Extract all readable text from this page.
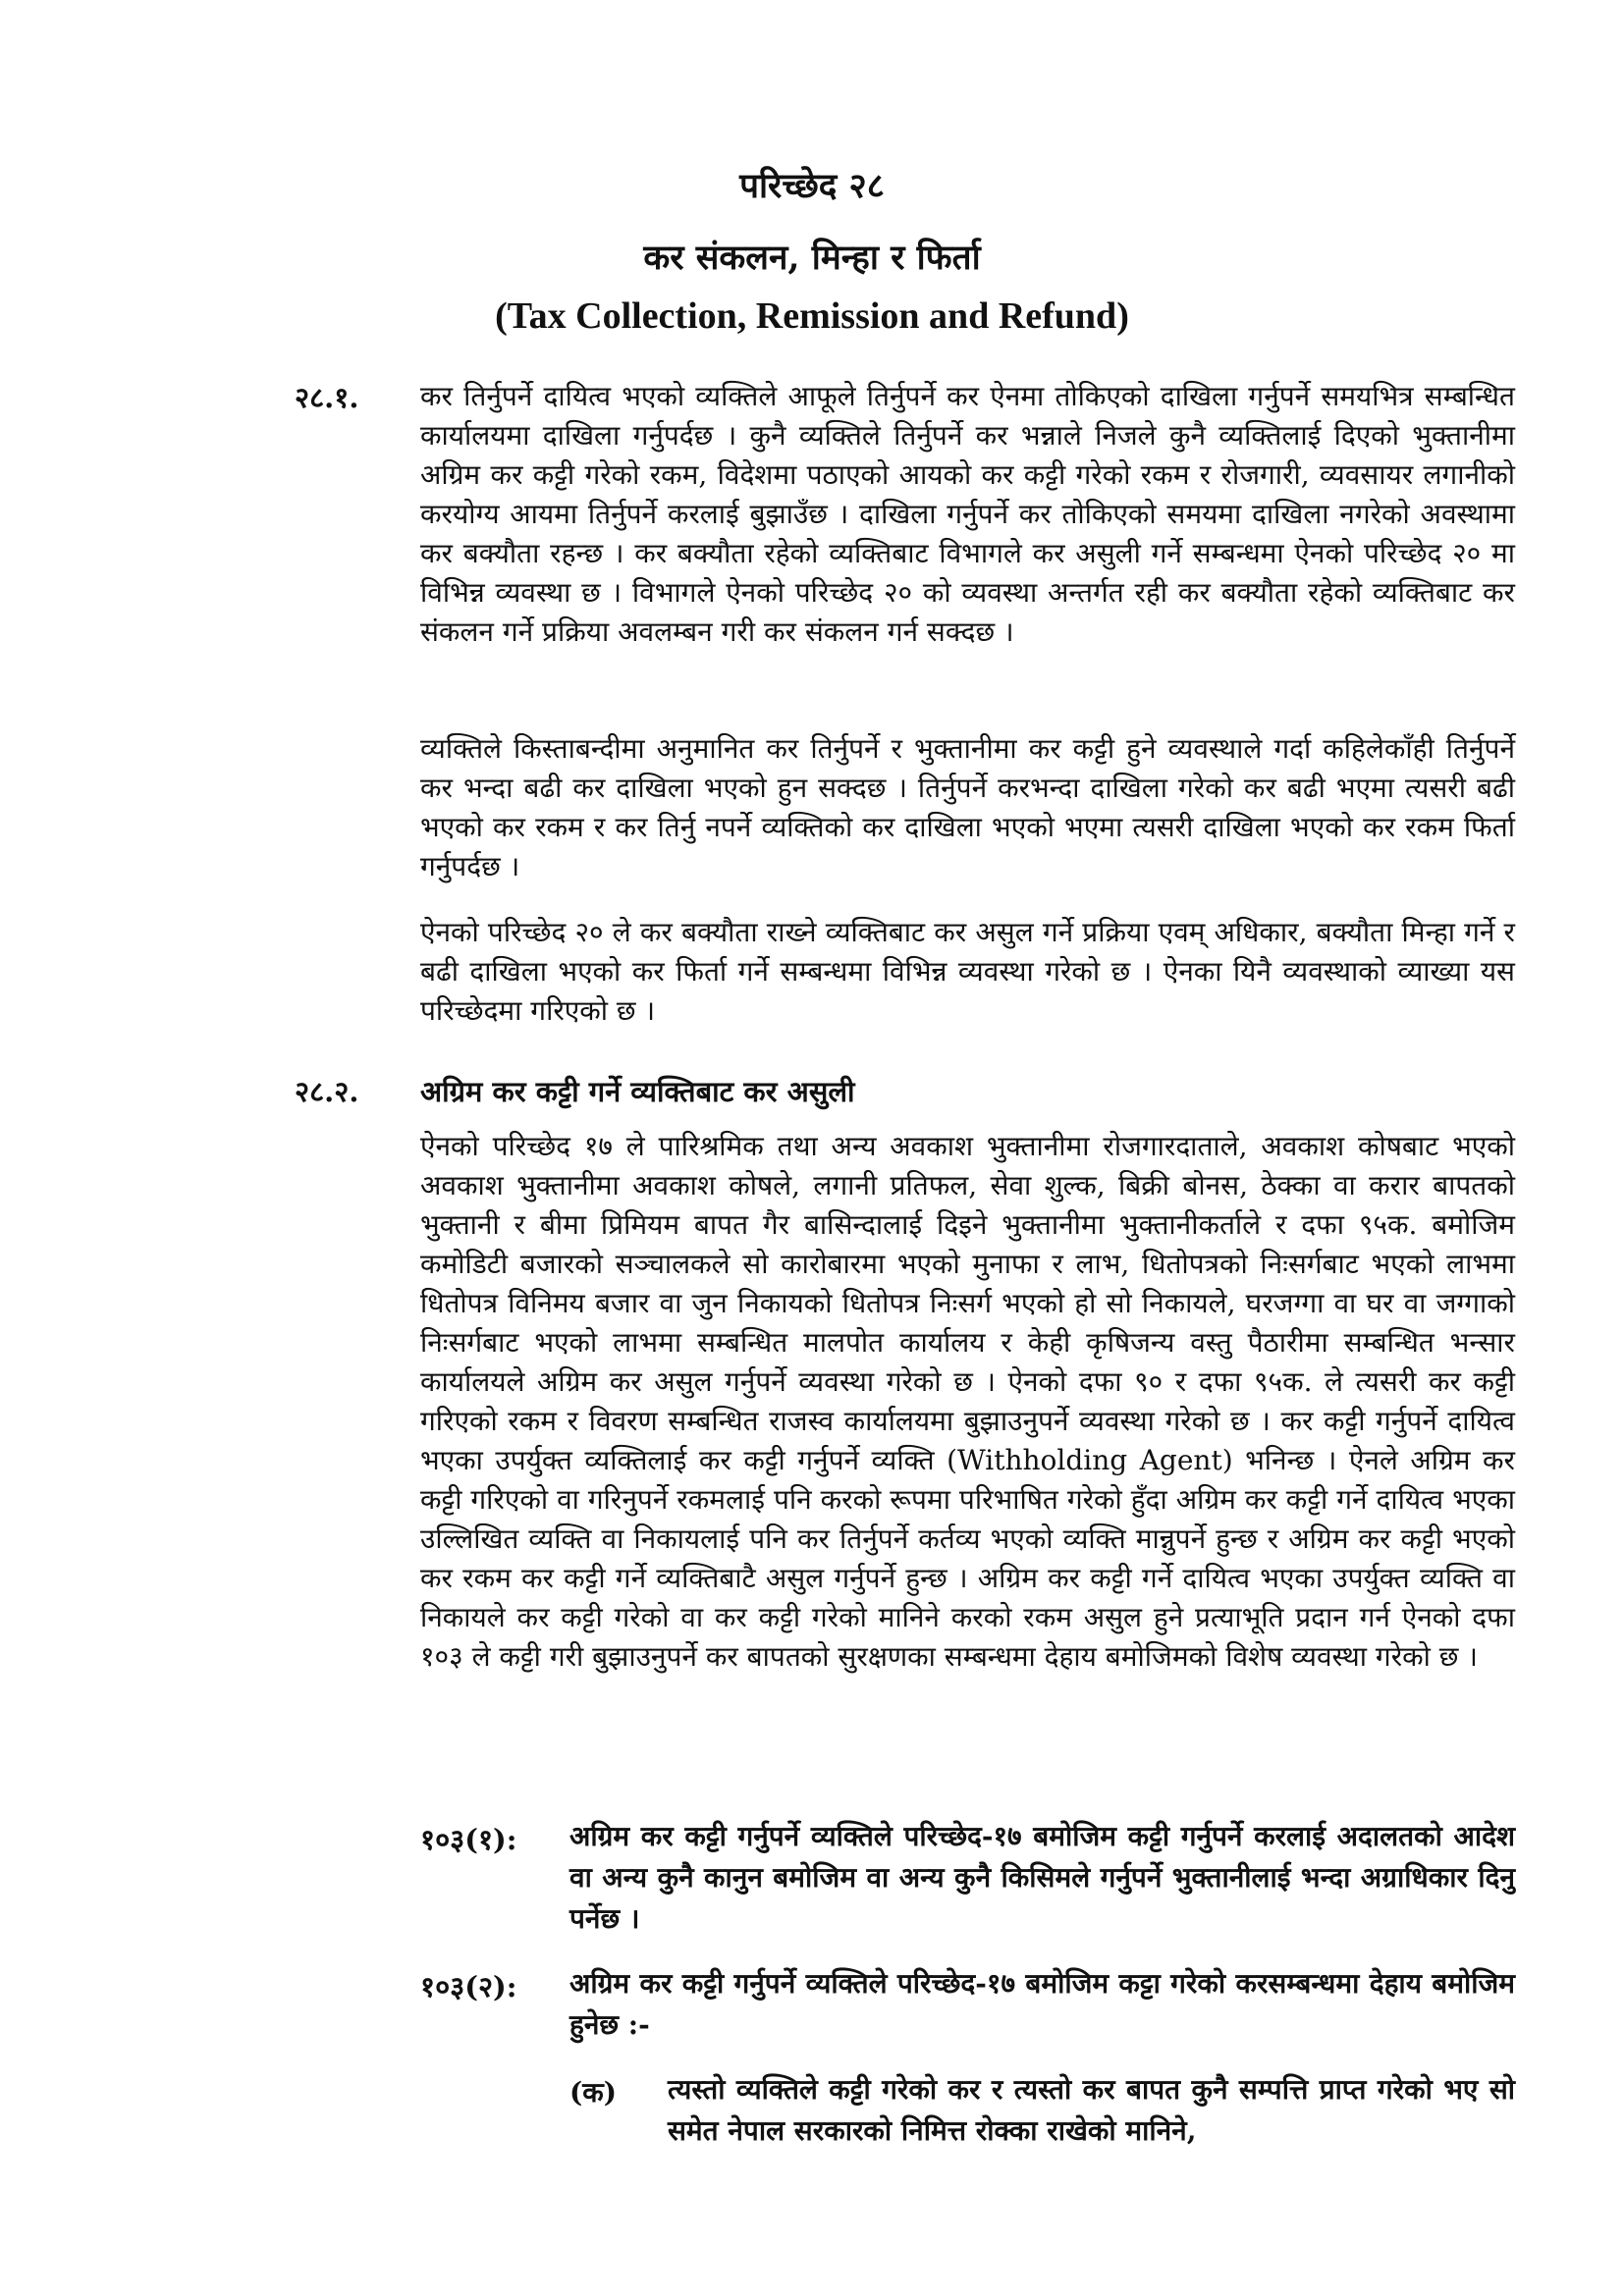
परिच्छेद २८
कर संकलन, मिन्हा र फिर्ता
(Tax Collection, Remission and Refund)
२८.१. कर तिर्नुपर्ने दायित्व भएको व्यक्तिले आफूले तिर्नुपर्ने कर ऐनमा तोकिएको दाखिला गर्नुपर्ने समयभित्र सम्बन्धित कार्यालयमा दाखिला गर्नुपर्दछ । कुनै व्यक्तिले तिर्नुपर्ने कर भन्नाले निजले कुनै व्यक्तिलाई दिएको भुक्तानीमा अग्रिम कर कट्टी गरेको रकम, विदेशमा पठाएको आयको कर कट्टी गरेको रकम र रोजगारी, व्यवसायर लगानीको करयोग्य आयमा तिर्नुपर्ने करलाई बुझाउँछ । दाखिला गर्नुपर्ने कर तोकिएको समयमा दाखिला नगरेको अवस्थामा कर बक्यौता रहन्छ । कर बक्यौता रहेको व्यक्तिबाट विभागले कर असुली गर्ने सम्बन्धमा ऐनको परिच्छेद २० मा विभिन्न व्यवस्था छ । विभागले ऐनको परिच्छेद २० को व्यवस्था अन्तर्गत रही कर बक्यौता रहेको व्यक्तिबाट कर संकलन गर्ने प्रक्रिया अवलम्बन गरी कर संकलन गर्न सक्दछ ।
व्यक्तिले किस्ताबन्दीमा अनुमानित कर तिर्नुपर्ने र भुक्तानीमा कर कट्टी हुने व्यवस्थाले गर्दा कहिलेकाँही तिर्नुपर्ने कर भन्दा बढी कर दाखिला भएको हुन सक्दछ । तिर्नुपर्ने करभन्दा दाखिला गरेको कर बढी भएमा त्यसरी बढी भएको कर रकम र कर तिर्नु नपर्ने व्यक्तिको कर दाखिला भएको भएमा त्यसरी दाखिला भएको कर रकम फिर्ता गर्नुपर्दछ ।
ऐनको परिच्छेद २० ले कर बक्यौता राख्ने व्यक्तिबाट कर असुल गर्ने प्रक्रिया एवम् अधिकार, बक्यौता मिन्हा गर्ने र बढी दाखिला भएको कर फिर्ता गर्ने सम्बन्धमा विभिन्न व्यवस्था गरेको छ । ऐनका यिनै व्यवस्थाको व्याख्या यस परिच्छेदमा गरिएको छ ।
२८.२. अग्रिम कर कट्टी गर्ने व्यक्तिबाट कर असुली
ऐनको परिच्छेद १७ ले पारिश्रमिक तथा अन्य अवकाश भुक्तानीमा रोजगारदाताले, अवकाश कोषबाट भएको अवकाश भुक्तानीमा अवकाश कोषले, लगानी प्रतिफल, सेवा शुल्क, बिक्री बोनस, ठेक्का वा करार बापतको भुक्तानी र बीमा प्रिमियम बापत गैर बासिन्दालाई दिइने भुक्तानीमा भुक्तानीकर्ताले र दफा ९५क. बमोजिम कमोडिटी बजारको सञ्चालकले सो कारोबारमा भएको मुनाफा र लाभ, धितोपत्रको निःसर्गबाट भएको लाभमा धितोपत्र विनिमय बजार वा जुन निकायको धितोपत्र निःसर्ग भएको हो सो निकायले, घरजग्गा वा घर वा जग्गाको निःसर्गबाट भएको लाभमा सम्बन्धित मालपोत कार्यालय र केही कृषिजन्य वस्तु पैठारीमा सम्बन्धित भन्सार कार्यालयले अग्रिम कर असुल गर्नुपर्ने व्यवस्था गरेको छ । ऐनको दफा ९० र दफा ९५क. ले त्यसरी कर कट्टी गरिएको रकम र विवरण सम्बन्धित राजस्व कार्यालयमा बुझाउनुपर्ने व्यवस्था गरेको छ । कर कट्टी गर्नुपर्ने दायित्व भएका उपर्युक्त व्यक्तिलाई कर कट्टी गर्नुपर्ने व्यक्ति (Withholding Agent) भनिन्छ । ऐनले अग्रिम कर कट्टी गरिएको वा गरिनुपर्ने रकमलाई पनि करको रूपमा परिभाषित गरेको हुँदा अग्रिम कर कट्टी गर्ने दायित्व भएका उल्लिखित व्यक्ति वा निकायलाई पनि कर तिर्नुपर्ने कर्तव्य भएको व्यक्ति मान्नुपर्ने हुन्छ र अग्रिम कर कट्टी भएको कर रकम कर कट्टी गर्ने व्यक्तिबाटै असुल गर्नुपर्ने हुन्छ । अग्रिम कर कट्टी गर्ने दायित्व भएका उपर्युक्त व्यक्ति वा निकायले कर कट्टी गरेको वा कर कट्टी गरेको मानिने करको रकम असुल हुने प्रत्याभूति प्रदान गर्न ऐनको दफा १०३ ले कट्टी गरी बुझाउनुपर्ने कर बापतको सुरक्षणका सम्बन्धमा देहाय बमोजिमको विशेष व्यवस्था गरेको छ ।
१०३(१): अग्रिम कर कट्टी गर्नुपर्ने व्यक्तिले परिच्छेद-१७ बमोजिम कट्टी गर्नुपर्ने करलाई अदालतको आदेश वा अन्य कुनै कानुन बमोजिम वा अन्य कुनै किसिमले गर्नुपर्ने भुक्तानीलाई भन्दा अग्राधिकार दिनु पर्नेछ ।
१०३(२): अग्रिम कर कट्टी गर्नुपर्ने व्यक्तिले परिच्छेद-१७ बमोजिम कट्टा गरेको करसम्बन्धमा देहाय बमोजिम हुनेछ :-
(क) त्यस्तो व्यक्तिले कट्टी गरेको कर र त्यस्तो कर बापत कुनै सम्पत्ति प्राप्त गरेको भए सो समेत नेपाल सरकारको निमित्त रोक्का राखेको मानिने,
